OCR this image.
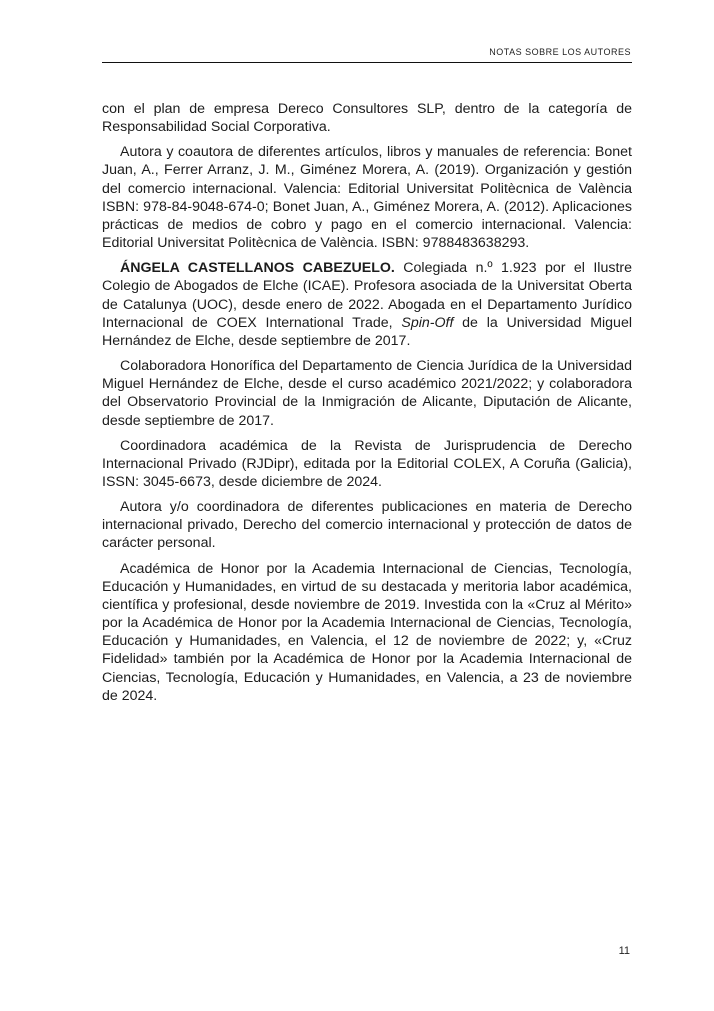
NOTAS SOBRE LOS AUTORES

con el plan de empresa Dereco Consultores SLP, dentro de la categoría de Responsabilidad Social Corporativa.

Autora y coautora de diferentes artículos, libros y manuales de referencia: Bonet Juan, A., Ferrer Arranz, J. M., Giménez Morera, A. (2019). Organización y gestión del comercio internacional. Valencia: Editorial Universitat Politècnica de València ISBN: 978-84-9048-674-0; Bonet Juan, A., Giménez Morera, A. (2012). Aplicaciones prácticas de medios de cobro y pago en el comercio internacional. Valencia: Editorial Universitat Politècnica de València. ISBN: 9788483638293.

ÁNGELA CASTELLANOS CABEZUELO. Colegiada n.º 1.923 por el Ilustre Colegio de Abogados de Elche (ICAE). Profesora asociada de la Universitat Oberta de Catalunya (UOC), desde enero de 2022. Abogada en el Departamento Jurídico Internacional de COEX International Trade, Spin-Off de la Universidad Miguel Hernández de Elche, desde septiembre de 2017.

Colaboradora Honorífica del Departamento de Ciencia Jurídica de la Universidad Miguel Hernández de Elche, desde el curso académico 2021/2022; y colaboradora del Observatorio Provincial de la Inmigración de Alicante, Diputación de Alicante, desde septiembre de 2017.

Coordinadora académica de la Revista de Jurisprudencia de Derecho Internacional Privado (RJDipr), editada por la Editorial COLEX, A Coruña (Galicia), ISSN: 3045-6673, desde diciembre de 2024.

Autora y/o coordinadora de diferentes publicaciones en materia de Derecho internacional privado, Derecho del comercio internacional y protección de datos de carácter personal.

Académica de Honor por la Academia Internacional de Ciencias, Tecnología, Educación y Humanidades, en virtud de su destacada y meritoria labor académica, científica y profesional, desde noviembre de 2019. Investida con la «Cruz al Mérito» por la Académica de Honor por la Academia Internacional de Ciencias, Tecnología, Educación y Humanidades, en Valencia, el 12 de noviembre de 2022; y, «Cruz Fidelidad» también por la Académica de Honor por la Academia Internacional de Ciencias, Tecnología, Educación y Humanidades, en Valencia, a 23 de noviembre de 2024.

11
